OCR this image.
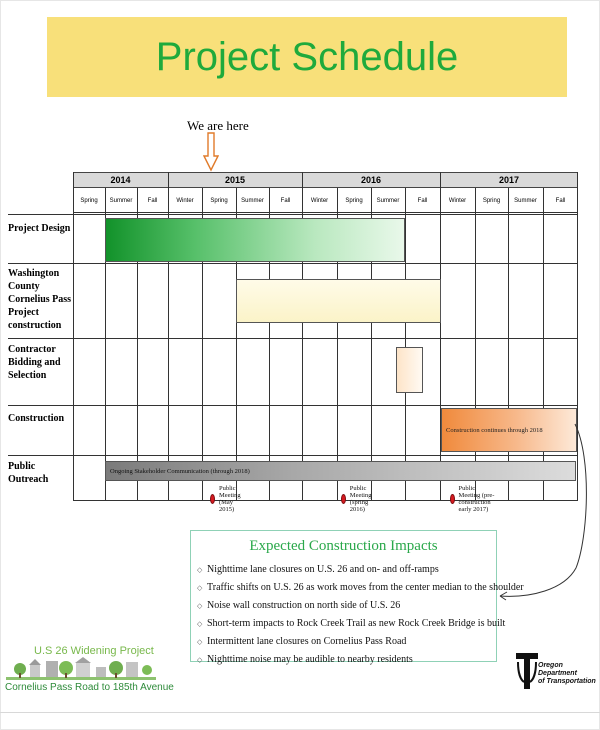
Project Schedule
We are here
2014	2015	2016	2017
Spring	Summer	Fall	Winter	Spring	Summer	Fall	Winter	Spring	Summer	Fall	Winter	Spring	Summer	Fall
Project Design
Washington County Cornelius Pass Project construction
Contractor Bidding and Selection
Construction
Public Outreach
Construction continues through 2018
Ongoing Stakeholder Communication (through 2018)
Public Meeting (May 2015)
Public Meeting (spring 2016)
Public Meeting (pre-construction early 2017)
Expected Construction Impacts
◇ Nighttime lane closures on U.S. 26 and on- and off-ramps
◇ Traffic shifts on U.S. 26 as work moves from the center median to the shoulder
◇ Noise wall construction on north side of U.S. 26
◇ Short-term impacts to Rock Creek Trail as new Rock Creek Bridge is built
◇ Intermittent lane closures on Cornelius Pass Road
◇ Nighttime noise may be audible to nearby residents
U.S 26 Widening Project
Cornelius Pass Road to 185th Avenue
Oregon
Department
of Transportation
